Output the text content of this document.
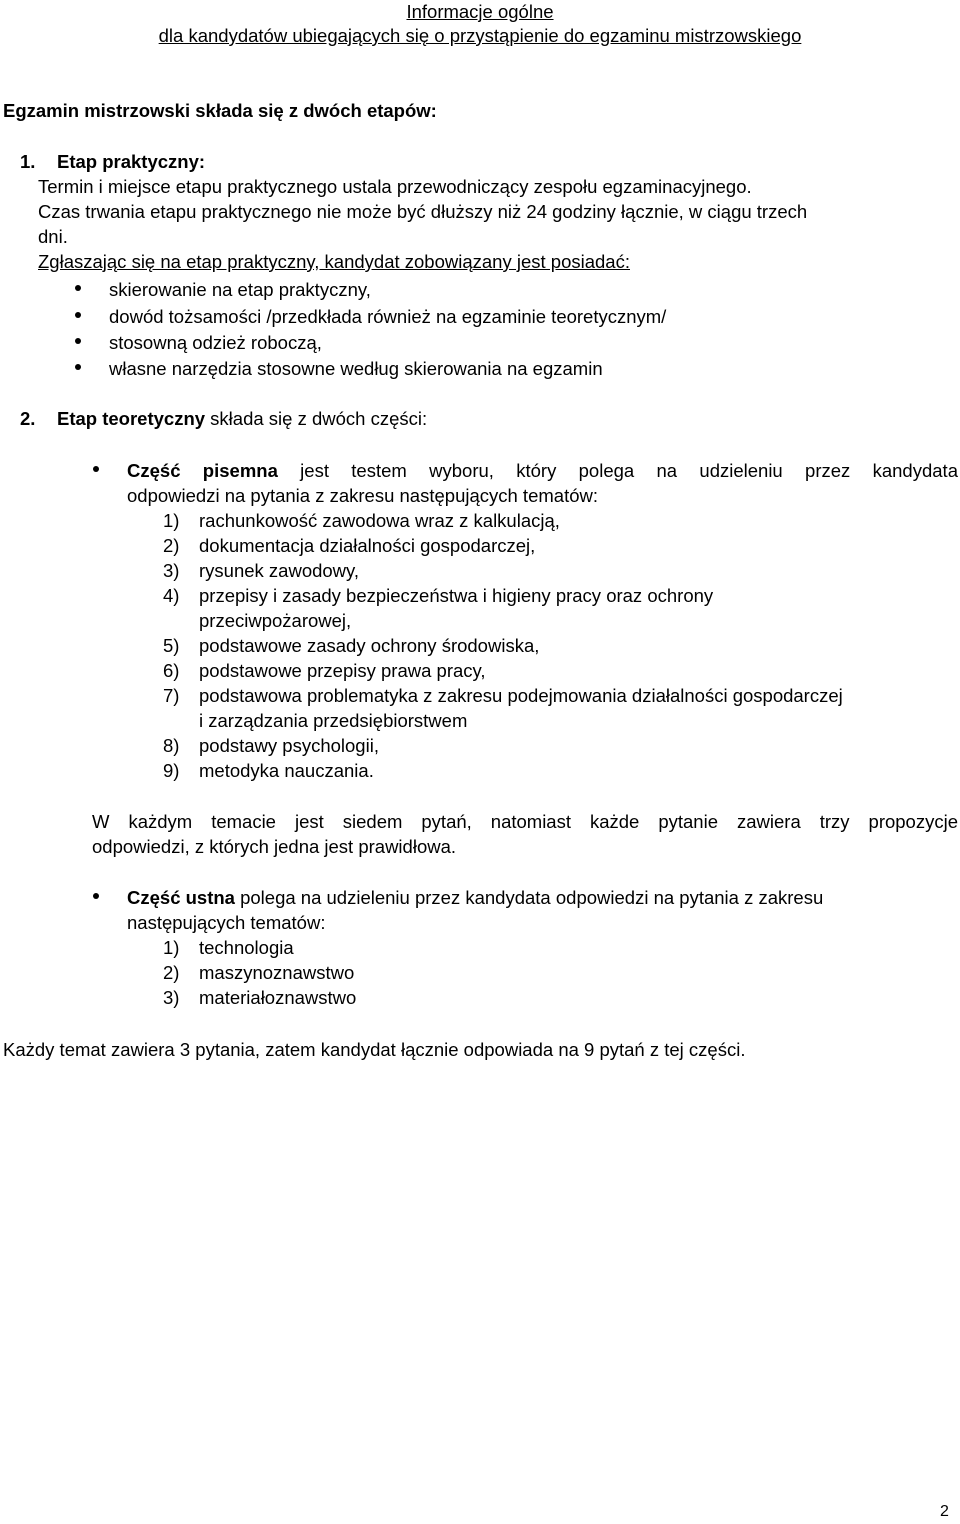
Informacje ogólne
dla kandydatów ubiegających się o przystąpienie do egzaminu mistrzowskiego
Egzamin mistrzowski składa się z dwóch etapów:
1. Etap praktyczny:
Termin i miejsce etapu praktycznego ustala przewodniczący zespołu egzaminacyjnego.
Czas trwania etapu praktycznego nie może być dłuższy niż 24 godziny łącznie, w ciągu trzech
dni.
Zgłaszając się na etap praktyczny, kandydat zobowiązany jest posiadać:
skierowanie na etap praktyczny,
dowód tożsamości /przedkłada również na egzaminie teoretycznym/
stosowną odzież roboczą,
własne narzędzia stosowne według skierowania na egzamin
2. Etap teoretyczny składa się z dwóch części:
Część pisemna jest testem wyboru, który polega na udzieleniu przez kandydata
odpowiedzi na pytania z zakresu następujących tematów:
1) rachunkowość zawodowa wraz z kalkulacją,
2) dokumentacja działalności gospodarczej,
3) rysunek zawodowy,
4) przepisy i zasady bezpieczeństwa i higieny pracy oraz ochrony
przeciwpożarowej,
5) podstawowe zasady ochrony środowiska,
6) podstawowe przepisy prawa pracy,
7) podstawowa problematyka z zakresu podejmowania działalności gospodarczej
i zarządzania przedsiębiorstwem
8) podstawy psychologii,
9) metodyka nauczania.
W każdym temacie jest siedem pytań, natomiast każde pytanie zawiera trzy propozycje
odpowiedzi, z których jedna jest prawidłowa.
Część ustna polega na udzieleniu przez kandydata odpowiedzi na pytania z zakresu
następujących tematów:
1) technologia
2) maszynoznawstwo
3) materiałoznawstwo
Każdy temat zawiera 3 pytania, zatem kandydat łącznie odpowiada na 9 pytań z tej części.
2
